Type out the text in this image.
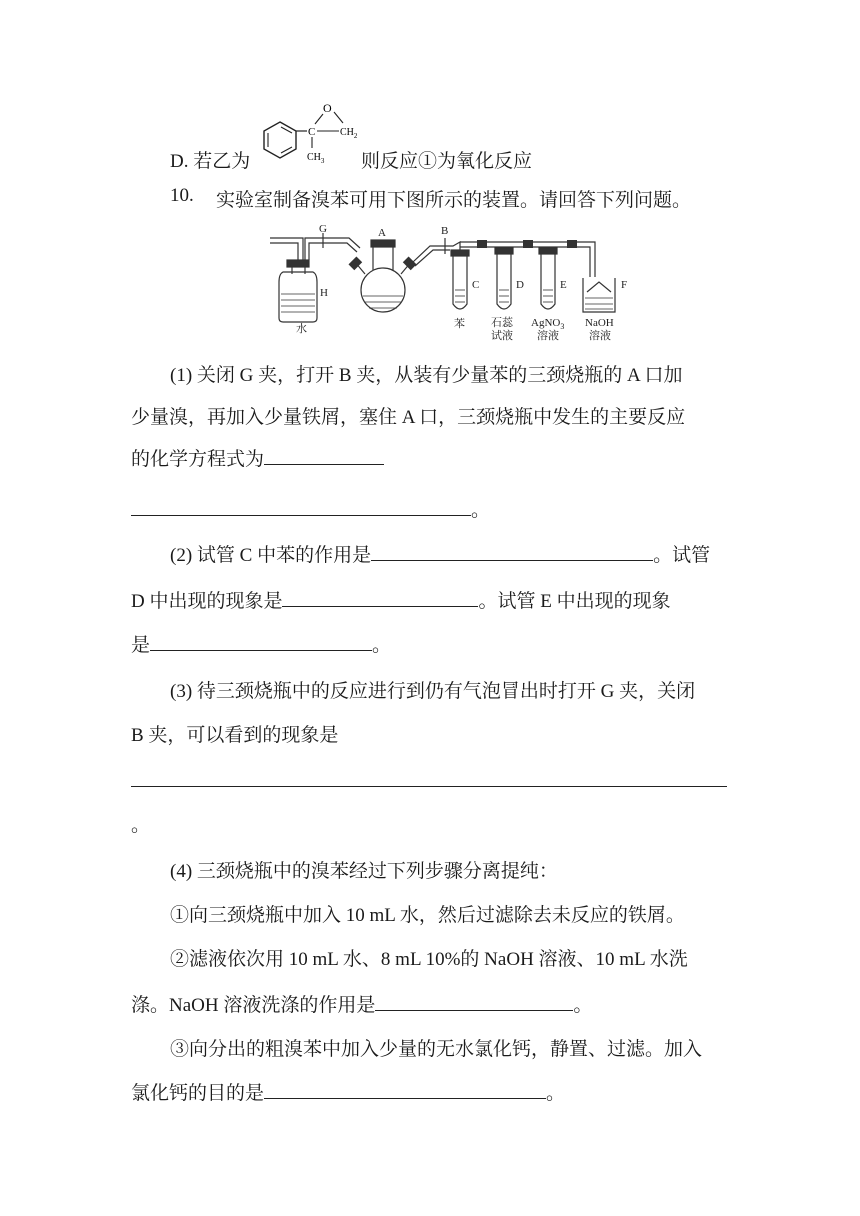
D. 若乙为
C
O
$CH_2$
$CH_3$ 则反应①为氧化反应
10. 实验室制备溴苯可用下图所示的装置。请回答下列问题。
G	A	B
H
水
C	D	E	F
苯 石蕊
试液
AgNO$_3$
溶液
NaOH
溶液
(1) 关闭 G 夹，打开 B 夹，从装有少量苯的三颈烧瓶的 A 口加
少量溴，再加入少量铁屑，塞住 A 口，三颈烧瓶中发生的主要反应
的化学方程式为
。
(2) 试管 C 中苯的作用是	。试管
D 中出现的现象是	。试管 E 中出现的现象
是	。
(3) 待三颈烧瓶中的反应进行到仍有气泡冒出时打开 G 夹，关闭
B 夹，可以看到的现象是
。
(4) 三颈烧瓶中的溴苯经过下列步骤分离提纯：
①向三颈烧瓶中加入 10 mL 水，然后过滤除去未反应的铁屑。
②滤液依次用 10 mL 水、8 mL 10%的 NaOH 溶液、10 mL 水洗
涤。NaOH 溶液洗涤的作用是	。
③向分出的粗溴苯中加入少量的无水氯化钙，静置、过滤。加入
氯化钙的目的是	。
